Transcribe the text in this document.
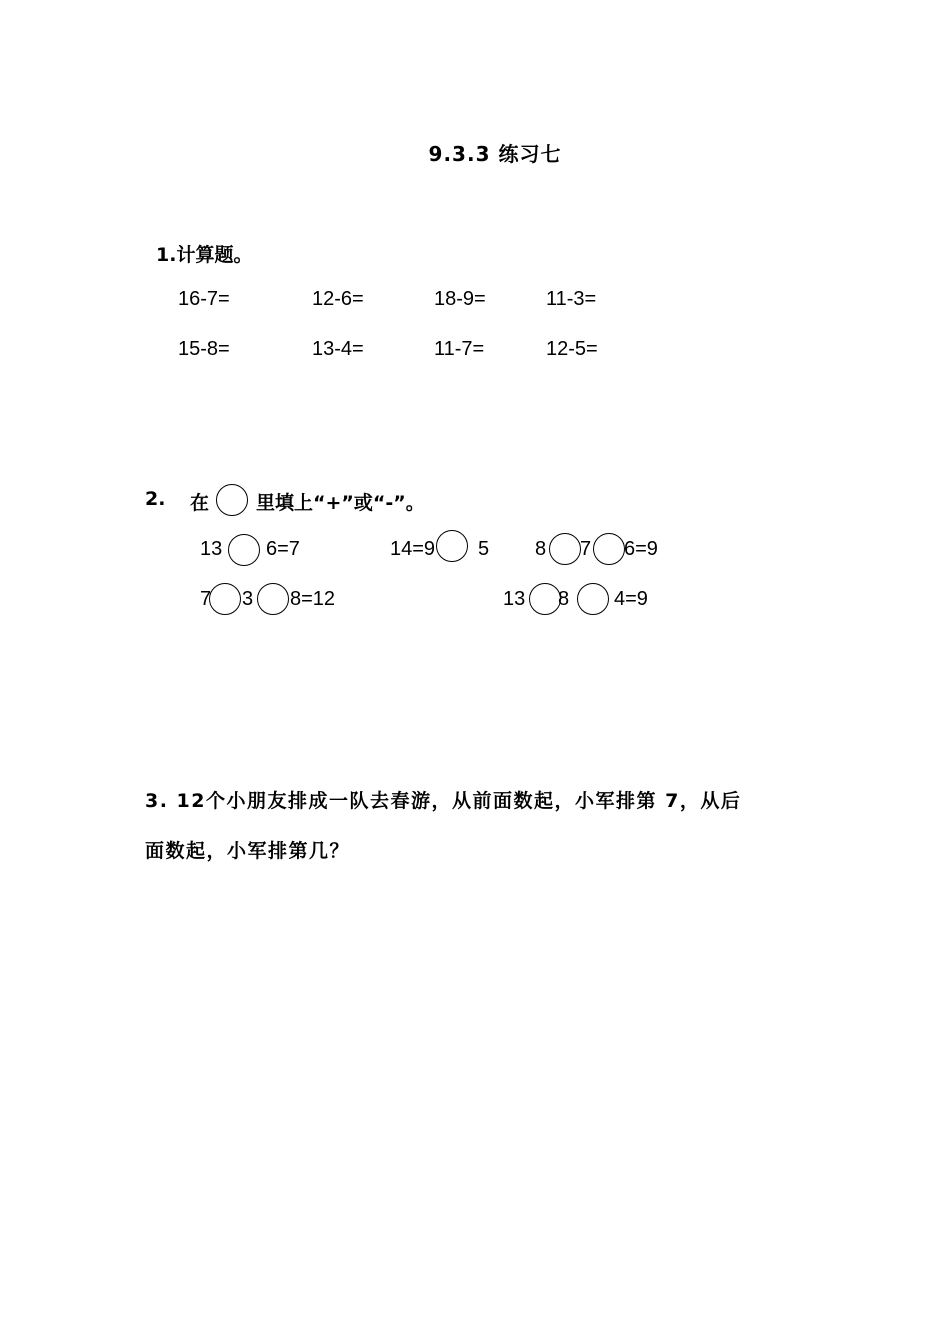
9.3.3 练习七
1.计算题。
16-7=	12-6=	18-9=	11-3=
15-8=	13-4=	11-7=	12-5=
2. 在 里填上“+”或“-”。
13 6=7	14=9 5 8 7 6=9
7 3 8=12	13 8 4=9
3. 12个小朋友排成一队去春游，从前面数起，小军排第 7，从后
面数起，小军排第几？
